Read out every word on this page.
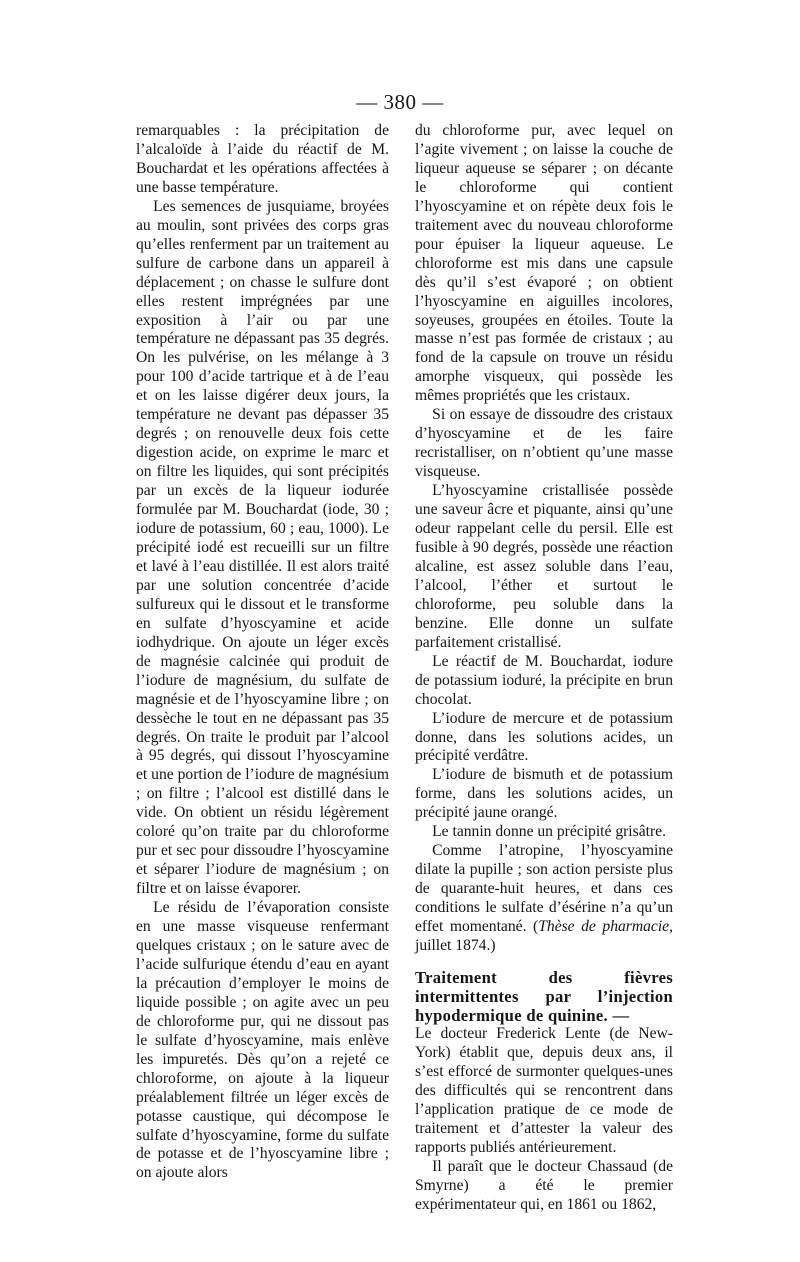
— 380 —

remarquables : la précipitation de l’alcaloïde à l’aide du réactif de M. Bouchardat et les opérations affectées à une basse température.

Les semences de jusquiame, broyées au moulin, sont privées des corps gras qu’elles renferment par un traitement au sulfure de carbone dans un appareil à déplacement ; on chasse le sulfure dont elles restent imprégnées par une exposition à l’air ou par une température ne dépassant pas 35 degrés. On les pulvérise, on les mélange à 3 pour 100 d’acide tartrique et à de l’eau et on les laisse digérer deux jours, la température ne devant pas dépasser 35 degrés ; on renouvelle deux fois cette digestion acide, on exprime le marc et on filtre les liquides, qui sont précipités par un excès de la liqueur iodurée formulée par M. Bouchardat (iode, 30 ; iodure de potassium, 60 ; eau, 1000). Le précipité iodé est recueilli sur un filtre et lavé à l’eau distillée. Il est alors traité par une solution concentrée d’acide sulfureux qui le dissout et le transforme en sulfate d’hyoscyamine et acide iodhydrique. On ajoute un léger excès de magnésie calcinée qui produit de l’iodure de magnésium, du sulfate de magnésie et de l’hyoscyamine libre ; on dessèche le tout en ne dépassant pas 35 degrés. On traite le produit par l’alcool à 95 degrés, qui dissout l’hyoscyamine et une portion de l’iodure de magnésium ; on filtre ; l’alcool est distillé dans le vide. On obtient un résidu légèrement coloré qu’on traite par du chloroforme pur et sec pour dissoudre l’hyoscyamine et séparer l’iodure de magnésium ; on filtre et on laisse évaporer.

Le résidu de l’évaporation consiste en une masse visqueuse renfermant quelques cristaux ; on le sature avec de l’acide sulfurique étendu d’eau en ayant la précaution d’employer le moins de liquide possible ; on agite avec un peu de chloroforme pur, qui ne dissout pas le sulfate d’hyoscyamine, mais enlève les impuretés. Dès qu’on a rejeté ce chloroforme, on ajoute à la liqueur préalablement filtrée un léger excès de potasse caustique, qui décompose le sulfate d’hyoscyamine, forme du sulfate de potasse et de l’hyoscyamine libre ; on ajoute alors

du chloroforme pur, avec lequel on l’agite vivement ; on laisse la couche de liqueur aqueuse se séparer ; on décante le chloroforme qui contient l’hyoscyamine et on répète deux fois le traitement avec du nouveau chloroforme pour épuiser la liqueur aqueuse. Le chloroforme est mis dans une capsule dès qu’il s’est évaporé ; on obtient l’hyoscyamine en aiguilles incolores, soyeuses, groupées en étoiles. Toute la masse n’est pas formée de cristaux ; au fond de la capsule on trouve un résidu amorphe visqueux, qui possède les mêmes propriétés que les cristaux.

Si on essaye de dissoudre des cristaux d’hyoscyamine et de les faire recristalliser, on n’obtient qu’une masse visqueuse.

L’hyoscyamine cristallisée possède une saveur âcre et piquante, ainsi qu’une odeur rappelant celle du persil. Elle est fusible à 90 degrés, possède une réaction alcaline, est assez soluble dans l’eau, l’alcool, l’éther et surtout le chloroforme, peu soluble dans la benzine. Elle donne un sulfate parfaitement cristallisé.

Le réactif de M. Bouchardat, iodure de potassium ioduré, la précipite en brun chocolat.

L’iodure de mercure et de potassium donne, dans les solutions acides, un précipité verdâtre.

L’iodure de bismuth et de potassium forme, dans les solutions acides, un précipité jaune orangé.

Le tannin donne un précipité grisâtre.

Comme l’atropine, l’hyoscyamine dilate la pupille ; son action persiste plus de quarante-huit heures, et dans ces conditions le sulfate d’ésérine n’a qu’un effet momentané. (Thèse de pharmacie, juillet 1874.)

Traitement des fièvres intermittentes par l’injection hypodermique de quinine. —

Le docteur Frederick Lente (de New-York) établit que, depuis deux ans, il s’est efforcé de surmonter quelques-unes des difficultés qui se rencontrent dans l’application pratique de ce mode de traitement et d’attester la valeur des rapports publiés antérieurement.

Il paraît que le docteur Chassaud (de Smyrne) a été le premier expérimentateur qui, en 1861 ou 1862,
